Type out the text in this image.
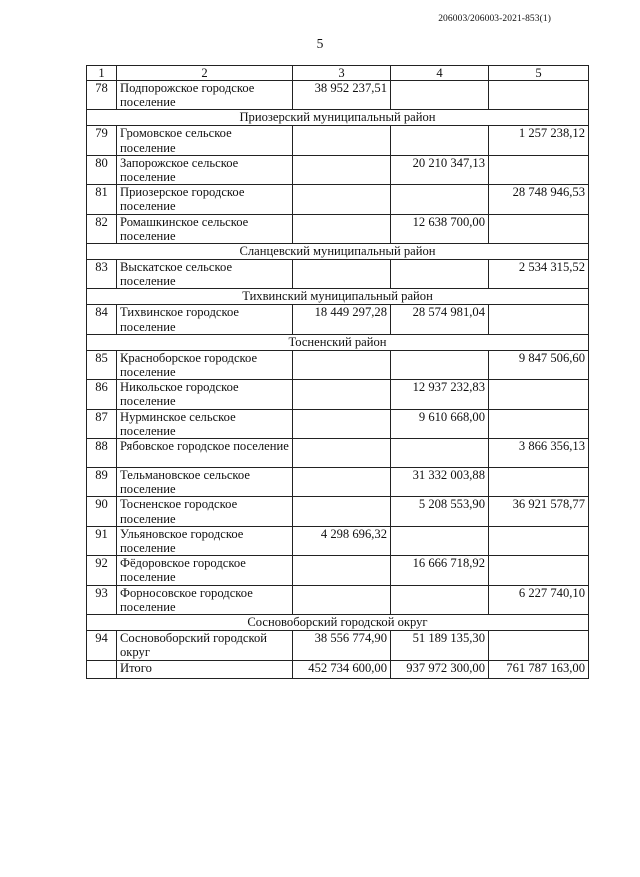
206003/206003-2021-853(1)
5
1	2	3	4	5
78	Подпорожское городское поселение	38 952 237,51		
Приозерский муниципальный район				
79	Громовское сельское поселение			1 257 238,12
80	Запорожское сельское поселение		20 210 347,13	
81	Приозерское городское поселение			28 748 946,53
82	Ромашкинское сельское поселение		12 638 700,00	
Сланцевский муниципальный район				
83	Выскатское сельское поселение			2 534 315,52
Тихвинский муниципальный район				
84	Тихвинское городское поселение	18 449 297,28	28 574 981,04	
Тосненский район				
85	Красноборское городское поселение			9 847 506,60
86	Никольское городское поселение		12 937 232,83	
87	Нурминское сельское поселение		9 610 668,00	
88	Рябовское городское поселение			3 866 356,13
89	Тельмановское сельское поселение		31 332 003,88	
90	Тосненское городское поселение		5 208 553,90	36 921 578,77
91	Ульяновское городское поселение	4 298 696,32		
92	Фёдоровское городское поселение		16 666 718,92	
93	Форносовское городское поселение			6 227 740,10
Сосновоборский городской округ				
94	Сосновоборский городской округ	38 556 774,90	51 189 135,30	
	Итого	452 734 600,00	937 972 300,00	761 787 163,00
